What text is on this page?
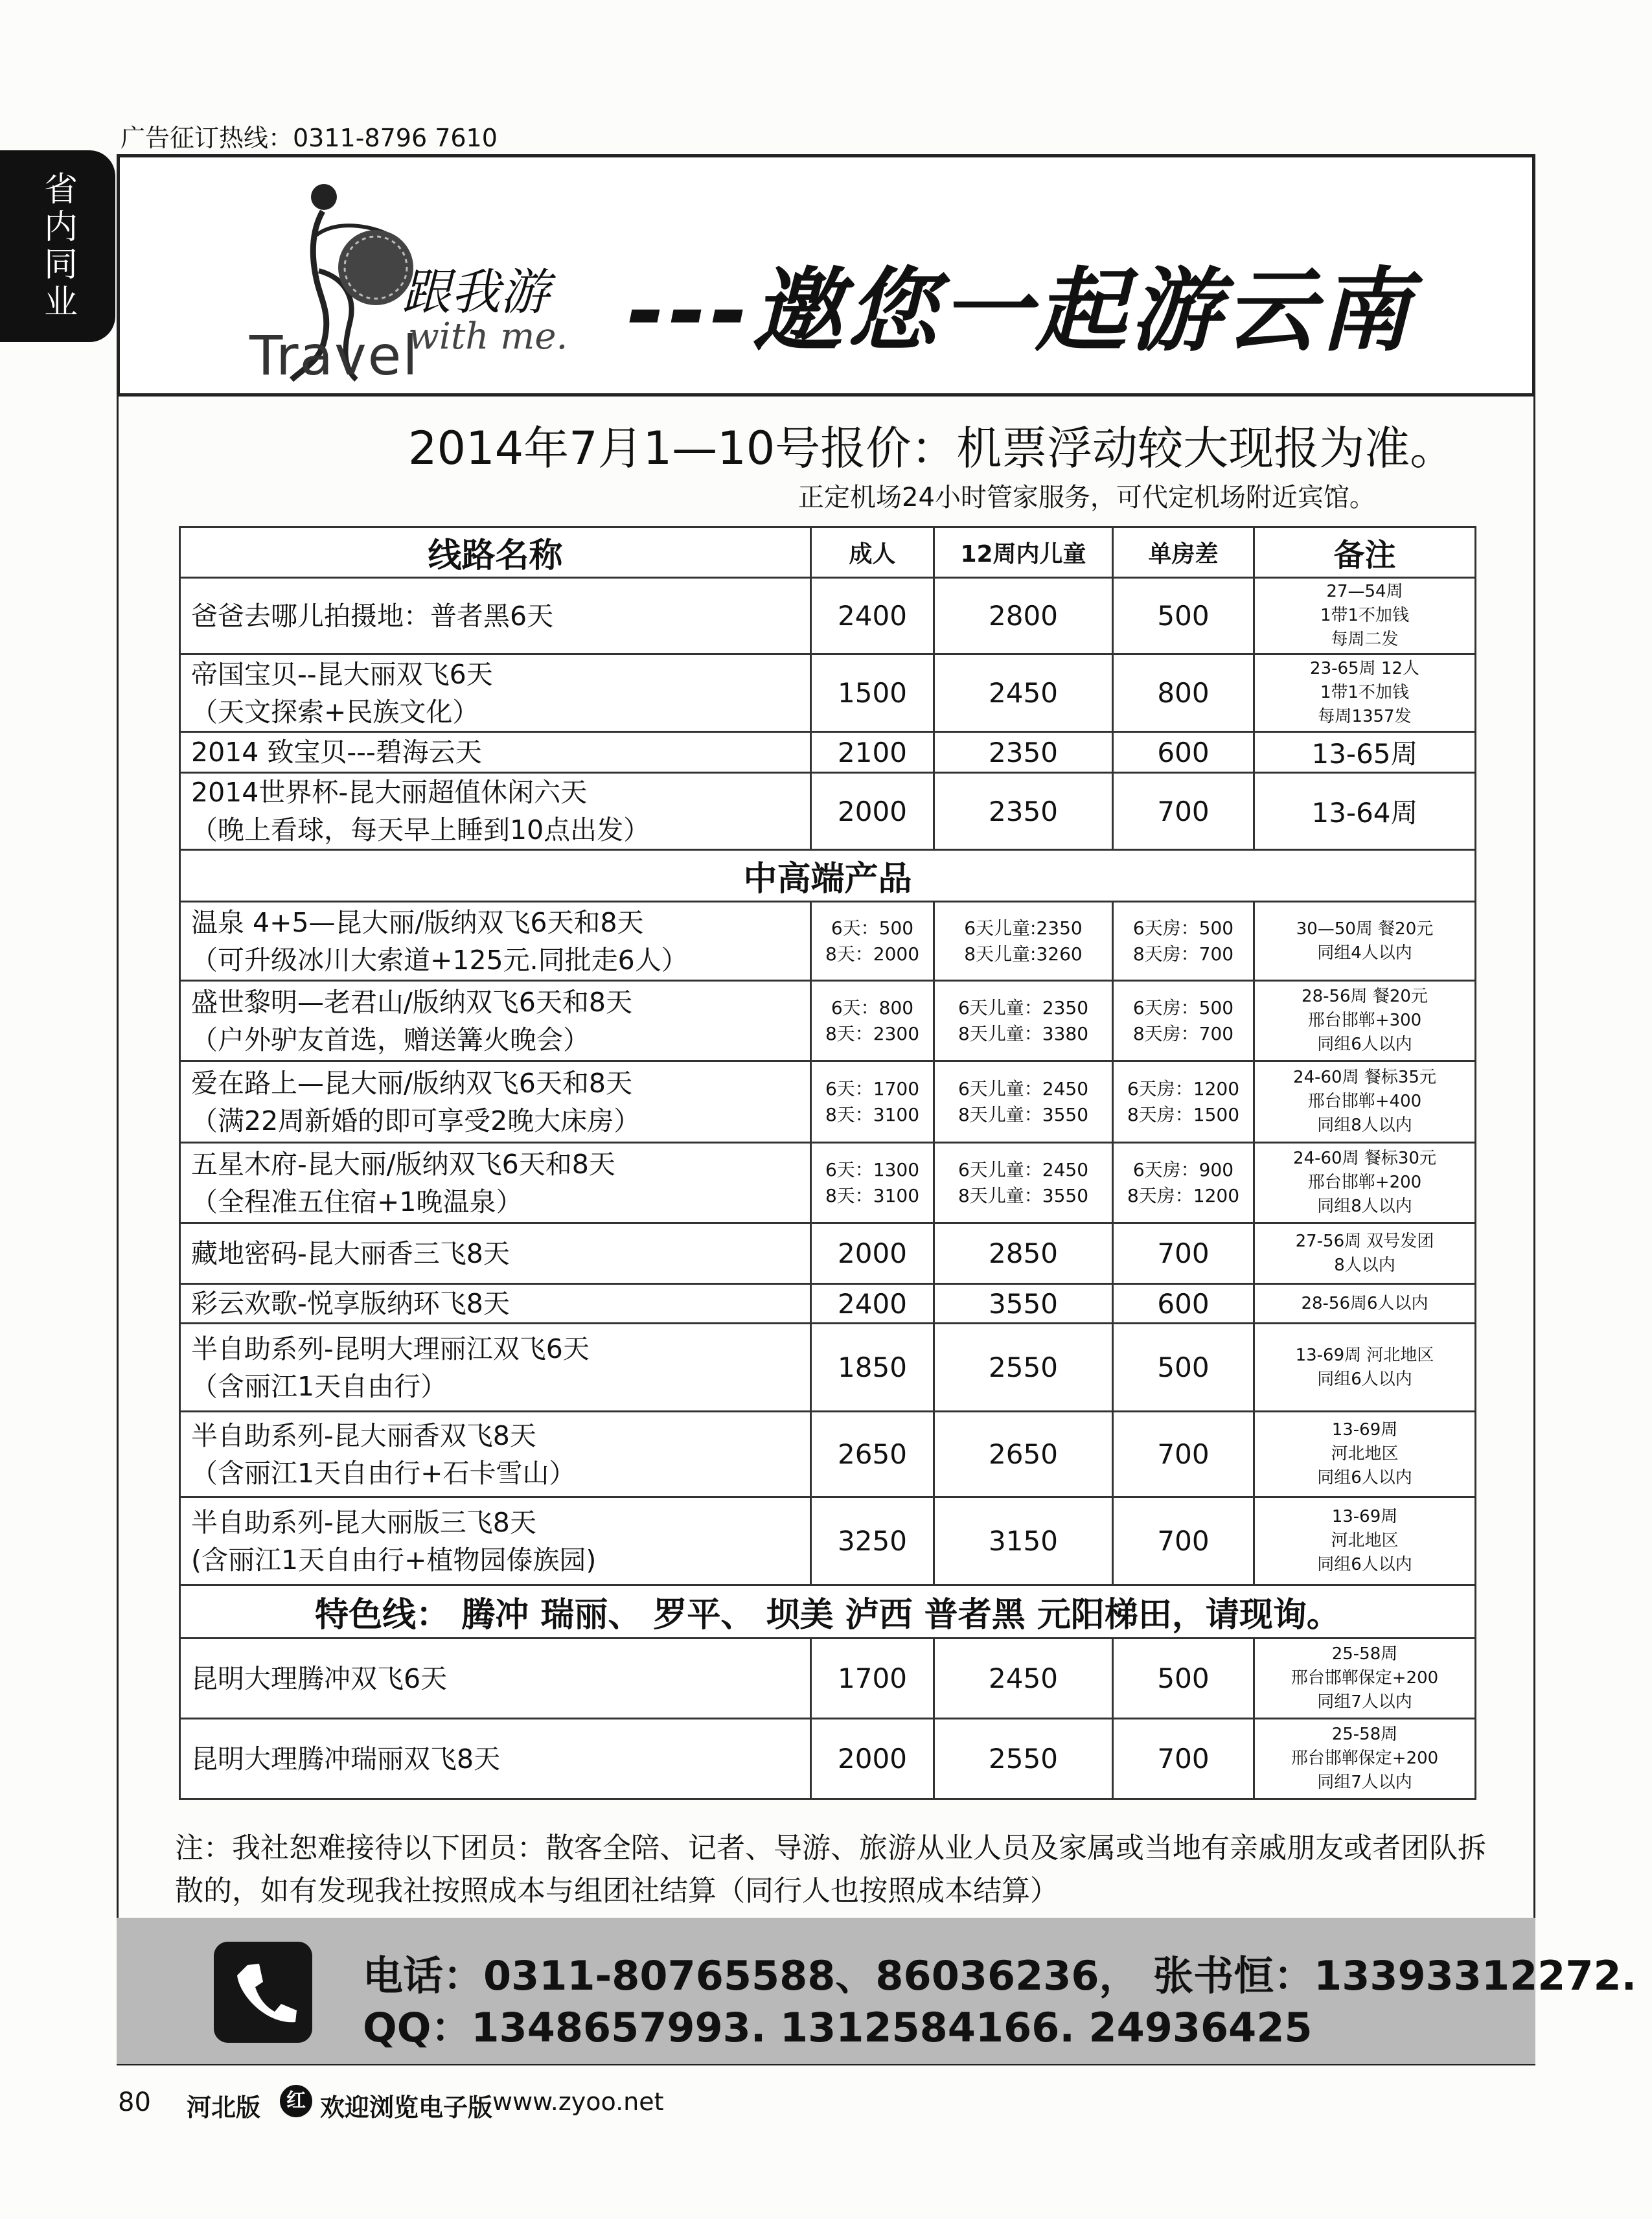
广告征订热线：0311-8796 7610
省内同业	跟我游
with me.
Travel ---邀您一起游云南
2014年7月1—10号报价：机票浮动较大现报为准。
正定机场24小时管家服务，可代定机场附近宾馆。
线路名称	成人	12周内儿童	单房差	备注

爸爸去哪儿拍摄地：普者黑6天	2400	2800	500	27—54周
1带1不加钱
每周二发

帝国宝贝--昆大丽双飞6天
（天文探索+民族文化）	1500	2450	800	23-65周 12人
1带1不加钱
每周1357发

2014 致宝贝---碧海云天	2100	2350	600	13-65周

2014世界杯-昆大丽超值休闲六天
（晚上看球，每天早上睡到10点出发）	2000	2350	700	13-64周

中高端产品				

温泉 4+5—昆大丽/版纳双飞6天和8天
（可升级冰川大索道+125元.同批走6人）	6天：500
8天：2000	6天儿童:2350
8天儿童:3260	6天房：500
8天房：700	30—50周 餐20元
同组4人以内

盛世黎明—老君山/版纳双飞6天和8天
（户外驴友首选，赠送篝火晚会）	6天：800
8天：2300	6天儿童：2350
8天儿童：3380	6天房：500
8天房：700	28-56周 餐20元
邢台邯郸+300
同组6人以内

爱在路上—昆大丽/版纳双飞6天和8天
（满22周新婚的即可享受2晚大床房）	6天：1700
8天：3100	6天儿童：2450
8天儿童：3550	6天房：1200
8天房：1500	24-60周 餐标35元
邢台邯郸+400
同组8人以内

五星木府-昆大丽/版纳双飞6天和8天
（全程准五住宿+1晚温泉）	6天：1300
8天：3100	6天儿童：2450
8天儿童：3550	6天房：900
8天房：1200	24-60周 餐标30元
邢台邯郸+200
同组8人以内

藏地密码-昆大丽香三飞8天	2000	2850	700	27-56周 双号发团
8人以内

彩云欢歌-悦享版纳环飞8天	2400	3550	600	28-56周6人以内

半自助系列-昆明大理丽江双飞6天
（含丽江1天自由行）	1850	2550	500	13-69周 河北地区
同组6人以内

半自助系列-昆大丽香双飞8天
（含丽江1天自由行+石卡雪山）	2650	2650	700	13-69周
河北地区
同组6人以内

半自助系列-昆大丽版三飞8天
(含丽江1天自由行+植物园傣族园)	3250	3150	700	13-69周
河北地区
同组6人以内

特色线： 腾冲 瑞丽、 罗平、 坝美 泸西 普者黑 元阳梯田，请现询。				

昆明大理腾冲双飞6天	1700	2450	500	25-58周
邢台邯郸保定+200
同组7人以内

昆明大理腾冲瑞丽双飞8天	2000	2550	700	25-58周
邢台邯郸保定+200
同组7人以内
注：我社恕难接待以下团员：散客全陪、记者、导游、旅游从业人员及家属或当地有亲戚朋友或者团队拆散的，如有发现我社按照成本与组团社结算（同行人也按照成本结算）
电话：0311-80765588、86036236， 张书恒：13393312272.
QQ：1348657993. 1312584166. 24936425
80 河北版	红 欢迎浏览电子版 www.zyoo.net
